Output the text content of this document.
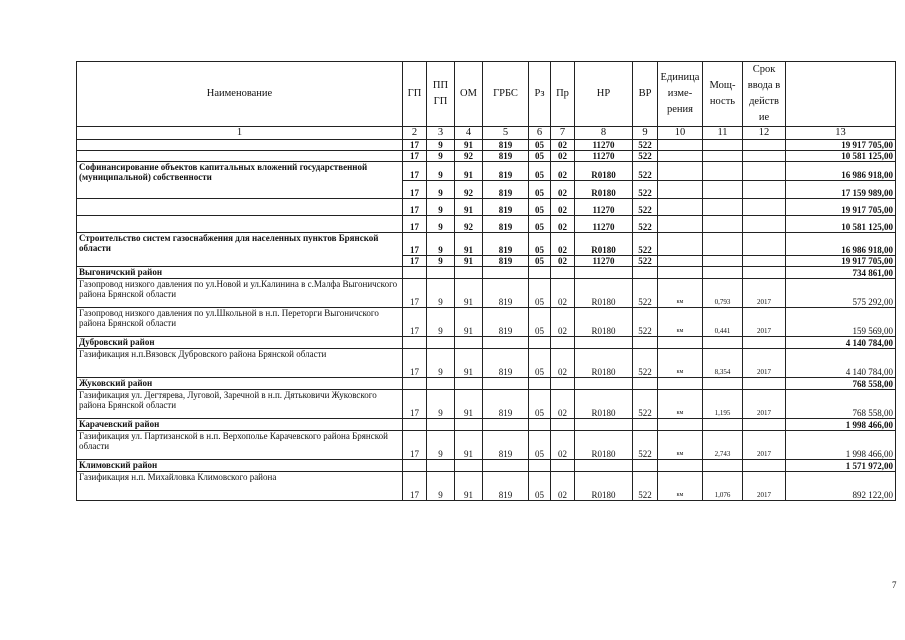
Наименование	ГП	ПП ГП	ОМ	ГРБС	Рз	Пр	НР	ВР	Единица изме-рения	Мощ-ность	Срок ввода в действ ие	
1	2	3	4	5	6	7	8	9	10	11	12	13
	17	9	91	819	05	02	11270	522				19 917 705,00
	17	9	92	819	05	02	11270	522				10 581 125,00
Софинансирование объектов капитальных вложений государственной (муниципальной) собственности	17	9	91	819	05	02	R0180	522				16 986 918,00
	17	9	92	819	05	02	R0180	522				17 159 989,00
	17	9	91	819	05	02	11270	522				19 917 705,00
	17	9	92	819	05	02	11270	522				10 581 125,00
Строительство систем газоснабжения для населенных пунктов Брянской области	17	9	91	819	05	02	R0180	522				16 986 918,00
	17	9	91	819	05	02	11270	522				19 917 705,00
Выгоничский район												734 861,00
Газопровод низкого давления по ул.Новой и ул.Калинина в с.Малфа Выгоничского района Брянской области	17	9	91	819	05	02	R0180	522	км	0,793	2017	575 292,00
Газопровод низкого давления по ул.Школьной в н.п. Переторги Выгоничского района Брянской области	17	9	91	819	05	02	R0180	522	км	0,441	2017	159 569,00
Дубровский район												4 140 784,00
Газификация н.п.Вязовск Дубровского района Брянской области	17	9	91	819	05	02	R0180	522	км	8,354	2017	4 140 784,00
Жуковский район												768 558,00
Газификация ул. Дегтярева, Луговой, Заречной в н.п. Дятьковичи Жуковского района Брянской области	17	9	91	819	05	02	R0180	522	км	1,195	2017	768 558,00
Карачевский район												1 998 466,00
Газификация ул. Партизанской в н.п. Верхополье Карачевского района Брянской области	17	9	91	819	05	02	R0180	522	км	2,743	2017	1 998 466,00
Климовский район												1 571 972,00
Газификация н.п. Михайловка Климовского района	17	9	91	819	05	02	R0180	522	км	1,076	2017	892 122,00
7
